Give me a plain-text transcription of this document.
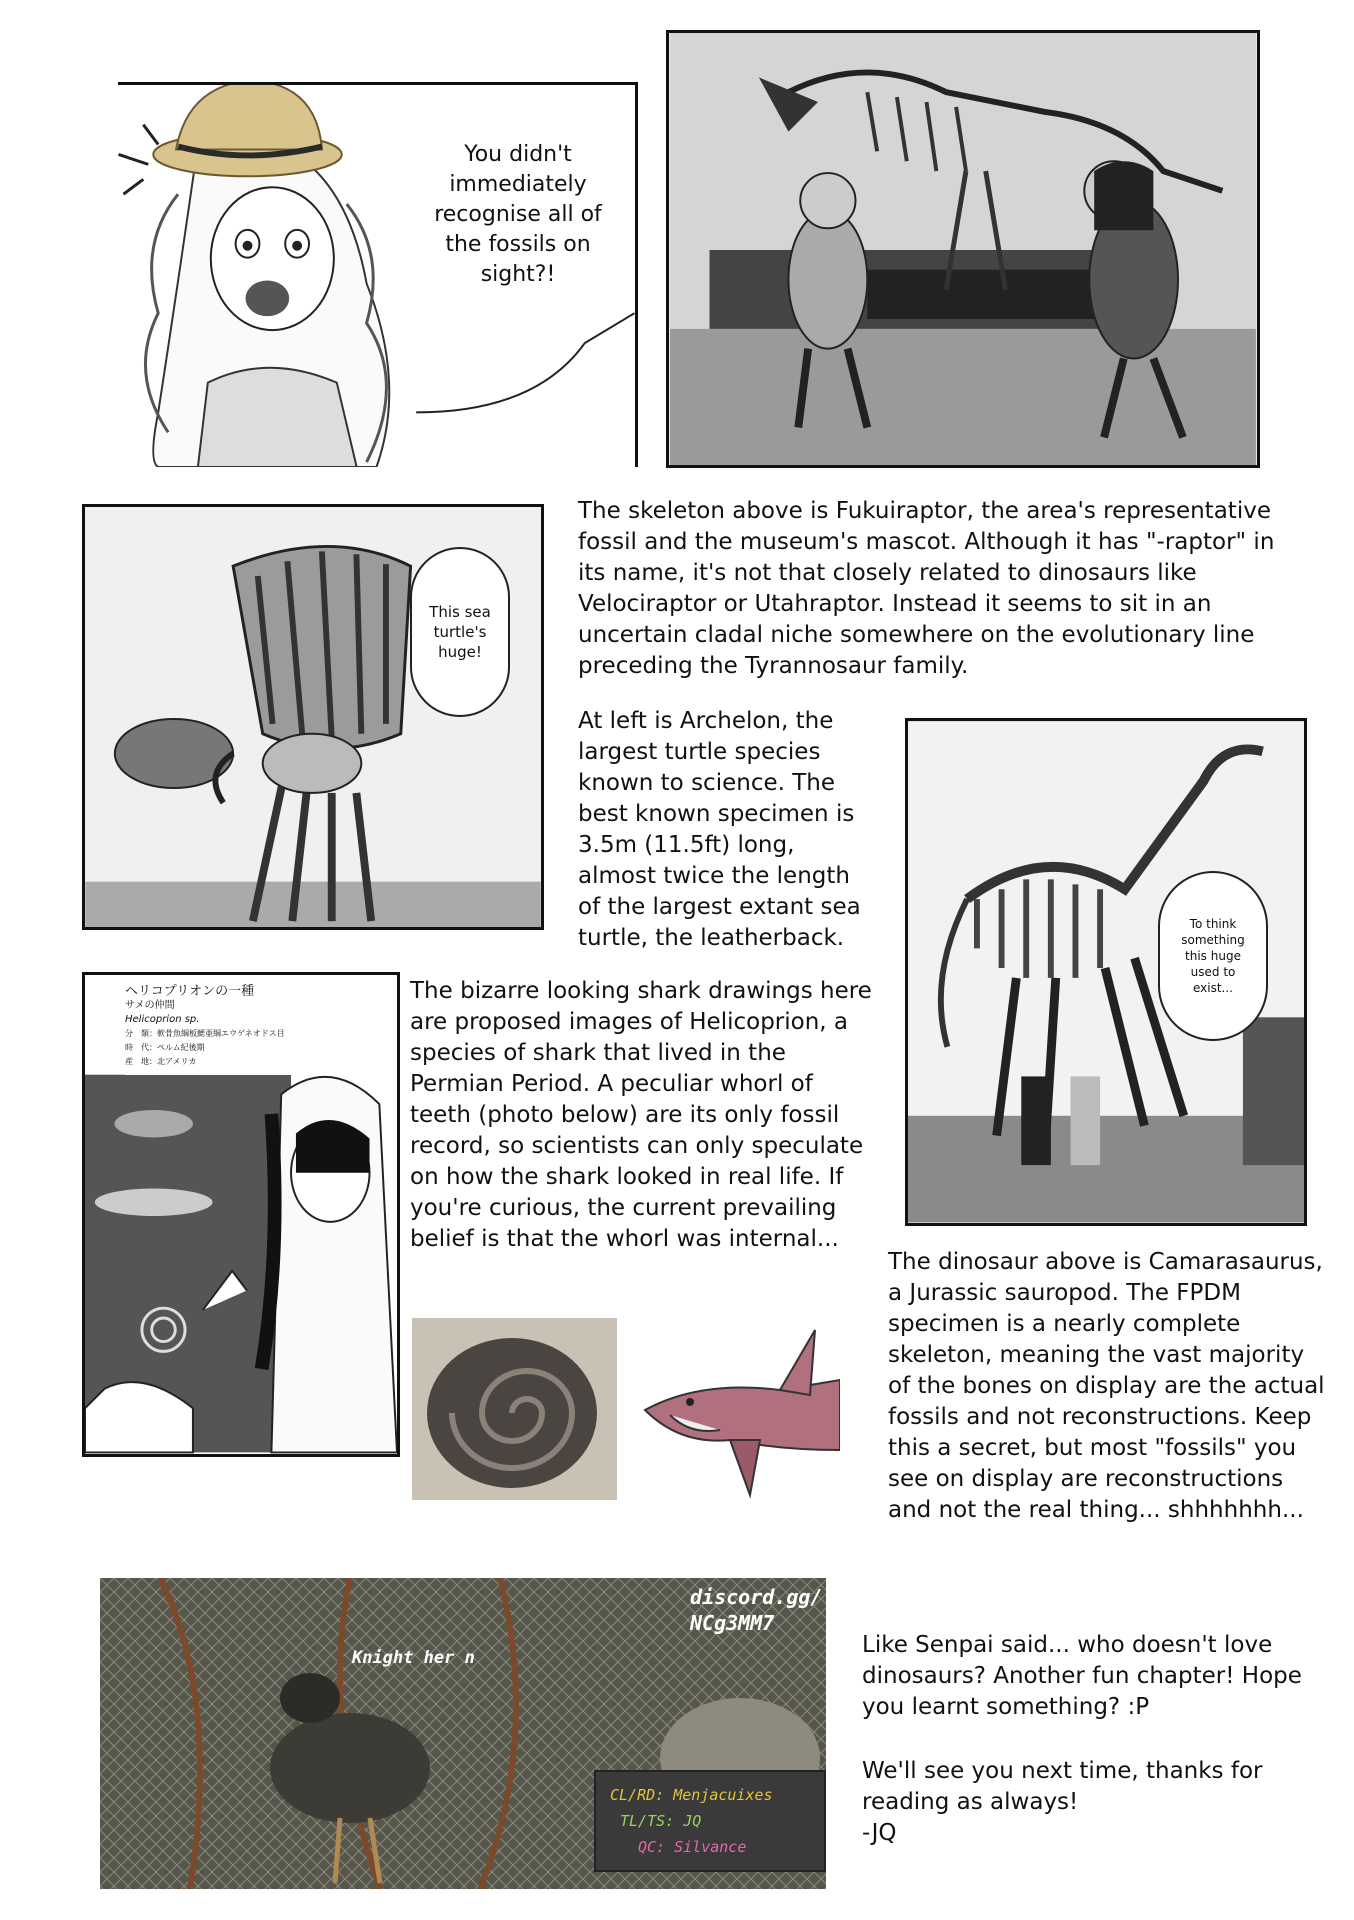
You didn't immediately recognise all of the fossils on sight?!
This sea turtle's huge!
The skeleton above is Fukuiraptor, the area's representative fossil and the museum's mascot. Although it has "-raptor" in its name, it's not that closely related to dinosaurs like Velociraptor or Utahraptor. Instead it seems to sit in an uncertain cladal niche somewhere on the evolutionary line preceding the Tyrannosaur family.
At left is Archelon, the largest turtle species known to science. The best known specimen is 3.5m (11.5ft) long, almost twice the length of the largest extant sea turtle, the leatherback.
To think something this huge used to exist...
ヘリコプリオンの一種
サメの仲間
Helicoprion sp.
分　類：軟骨魚綱板鰓亜綱エウゲネオドス目
時　代：ペルム紀後期
産　地：北アメリカ
The bizarre looking shark drawings here are proposed images of Helicoprion, a species of shark that lived in the Permian Period. A peculiar whorl of teeth (photo below) are its only fossil record, so scientists can only speculate on how the shark looked in real life. If you're curious, the current prevailing belief is that the whorl was internal...
The dinosaur above is Camarasaurus, a Jurassic sauropod. The FPDM specimen is a nearly complete skeleton, meaning the vast majority of the bones on display are the actual fossils and not reconstructions. Keep this a secret, but most "fossils" you see on display are reconstructions and not the real thing... shhhhhhh...
discord.gg/
NCg3MM7
Knight her n
CL/RD: Menjacuixes
TL/TS: JQ
QC: Silvance
Like Senpai said... who doesn't love dinosaurs? Another fun chapter! Hope you learnt something? :P
We'll see you next time, thanks for reading as always!
-JQ
